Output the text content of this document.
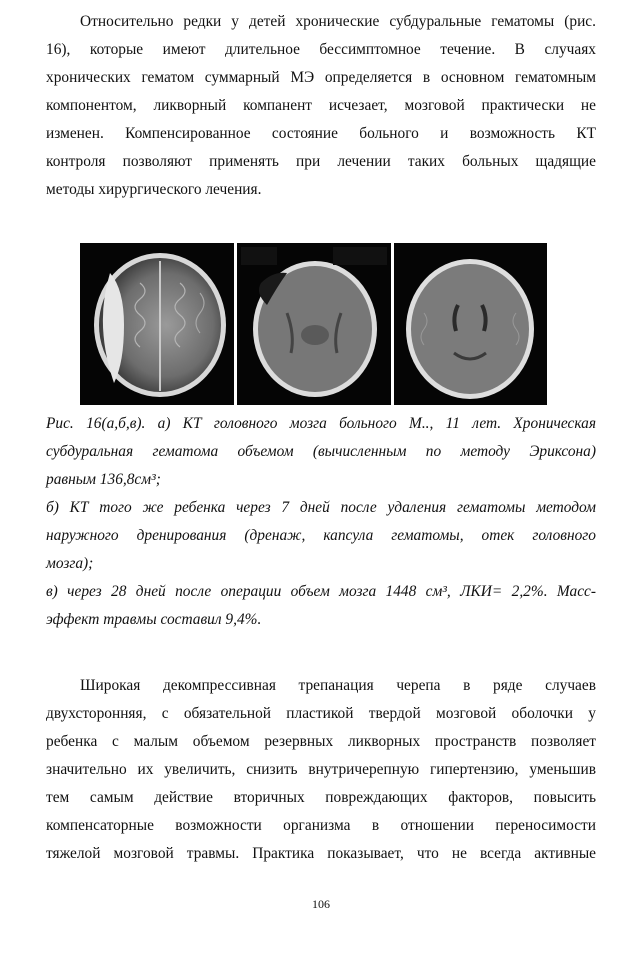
Относительно редки у детей хронические субдуральные гематомы (рис.
16), которые имеют длительное бессимптомное течение. В случаях
хронических гематом суммарный МЭ определяется в основном гематомным
компонентом, ликворный компанент исчезает, мозговой практически не
изменен. Компенсированное состояние больного и возможность КТ
контроля позволяют применять при лечении таких больных щадящие
методы хирургического лечения.
Рис. 16(а,б,в). а) КТ головного мозга больного М.., 11 лет. Хроническая
субдуральная гематома объемом (вычисленным по методу Эриксона)
равным 136,8см³;
б) КТ того же ребенка через 7 дней после удаления гематомы методом
наружного дренирования (дренаж, капсула гематомы, отек головного
мозга);
в) через 28 дней после операции объем мозга 1448 см³, ЛКИ= 2,2%. Масс-
эффект травмы составил 9,4%.
Широкая декомпрессивная трепанация черепа в ряде случаев
двухсторонняя, с обязательной пластикой твердой мозговой оболочки у
ребенка с малым объемом резервных ликворных пространств позволяет
значительно их увеличить, снизить внутричерепную гипертензию, уменьшив
тем самым действие вторичных повреждающих факторов, повысить
компенсаторные возможности организма в отношении переносимости
тяжелой мозговой травмы. Практика показывает, что не всегда активные
106
